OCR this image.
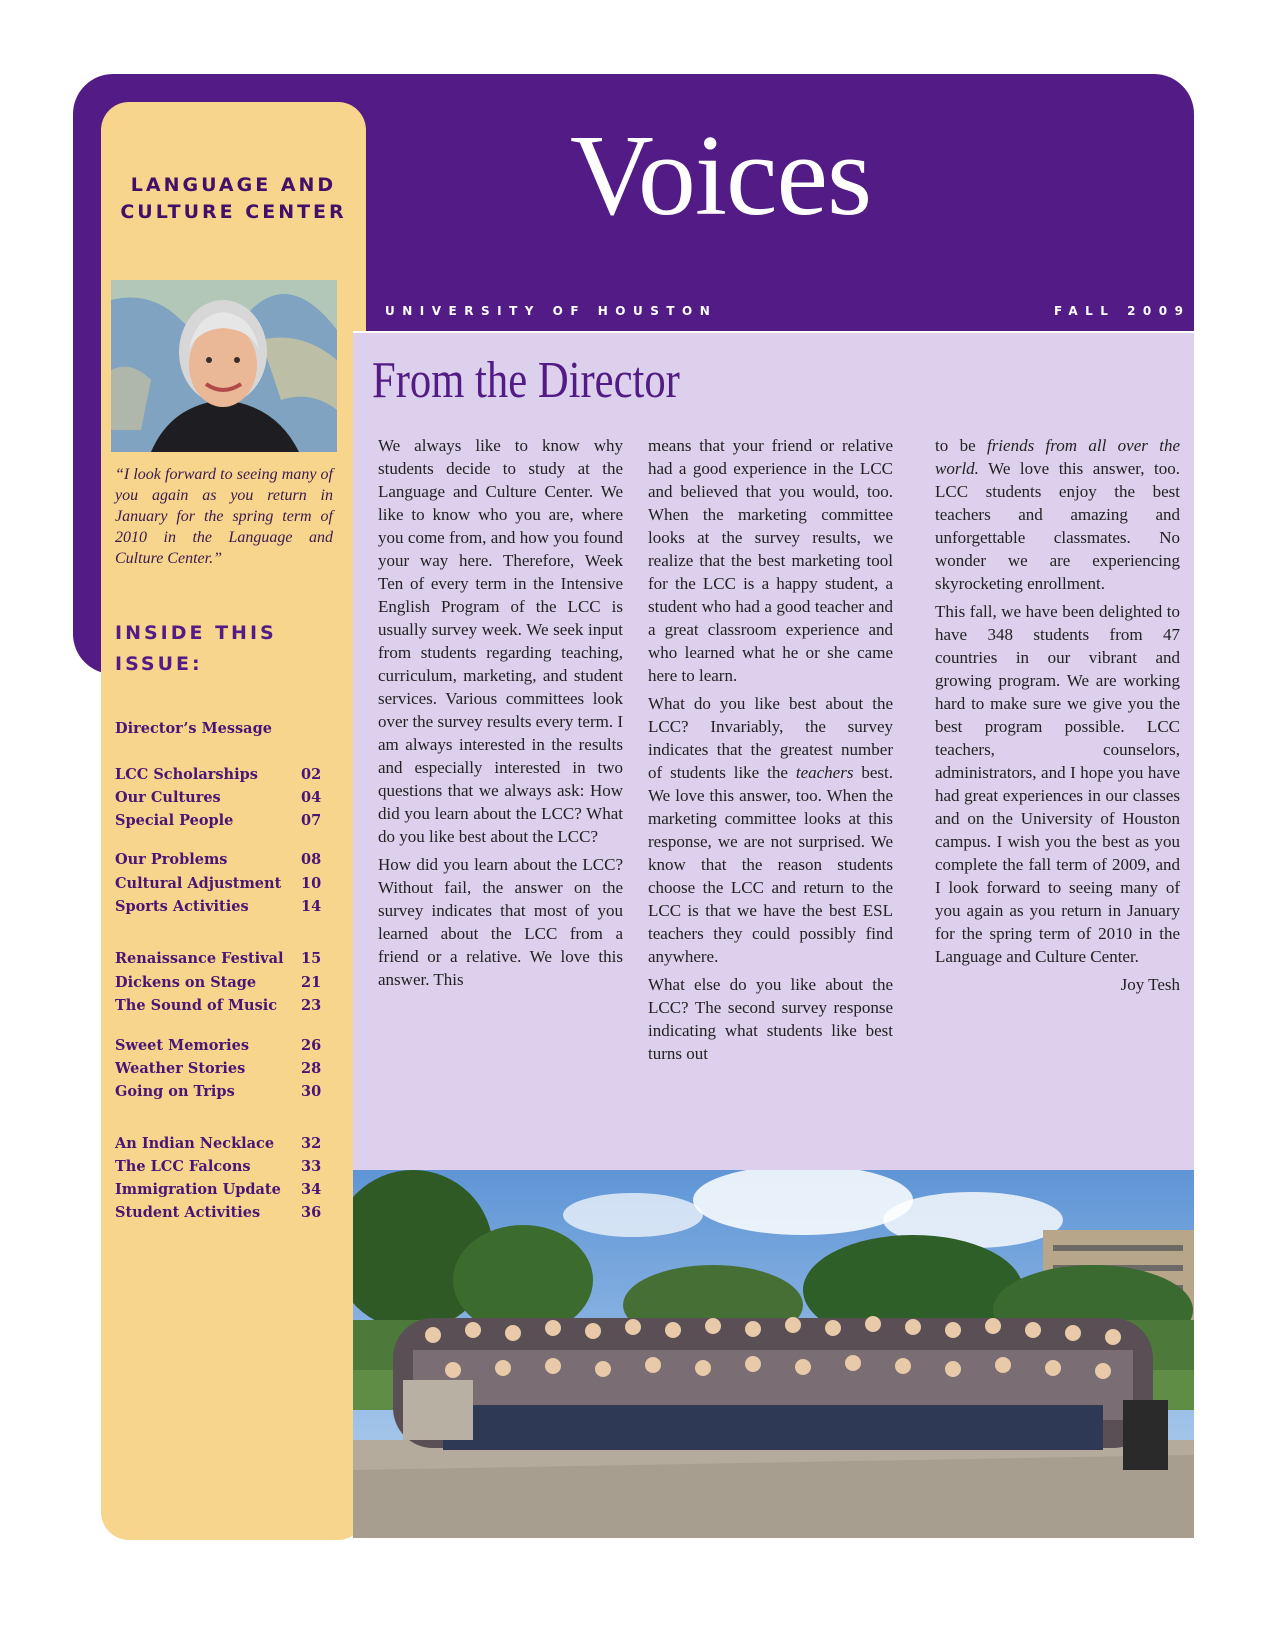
LANGUAGE AND
CULTURE CENTER
“I look forward to seeing many of you again as you return in January for the spring term of 2010 in the Language and Culture Center.”
INSIDE THIS ISSUE:
Director’s Message
LCC Scholarships	02
Our Cultures	04
Special People	07
Our Problems	08
Cultural Adjustment 10
Sports Activities	14
Renaissance Festival 15
Dickens on Stage	21
The Sound of Music 23
Sweet Memories	26
Weather Stories	28
Going on Trips	30
An Indian Necklace 32
The LCC Falcons	33
Immigration Update 34
Student Activities	36
Voices
UNIVERSITY OF HOUSTON	FALL 2009
From the Director

We always like to know why students decide to study at the Language and Culture Center. We like to know who you are, where you come from, and how you found your way here. Therefore, Week Ten of every term in the Intensive English Program of the LCC is usually survey week. We seek input from students regarding teaching, curriculum, marketing, and student services. Various committees look over the survey results every term. I am always interested in the results and especially interested in two questions that we always ask: How did you learn about the LCC? What do you like best about the LCC?

How did you learn about the LCC? Without fail, the answer on the survey indicates that most of you learned about the LCC from a friend or a relative. We love this answer. This

means that your friend or relative had a good experience in the LCC and believed that you would, too. When the marketing committee looks at the survey results, we realize that the best marketing tool for the LCC is a happy student, a student who had a good teacher and a great classroom experience and who learned what he or she came here to learn.

What do you like best about the LCC? Invariably, the survey indicates that the greatest number of students like the teachers best. We love this answer, too. When the marketing committee looks at this response, we are not surprised. We know that the reason students choose the LCC and return to the LCC is that we have the best ESL teachers they could possibly find anywhere.

What else do you like about the LCC? The second survey response indicating what students like best turns out

to be friends from all over the world. We love this answer, too. LCC students enjoy the best teachers and amazing and unforgettable classmates. No wonder we are experiencing skyrocketing enrollment.

This fall, we have been delighted to have 348 students from 47 countries in our vibrant and growing program. We are working hard to make sure we give you the best program possible. LCC teachers, counselors, administrators, and I hope you have had great experiences in our classes and on the University of Houston campus. I wish you the best as you complete the fall term of 2009, and I look forward to seeing many of you again as you return in January for the spring term of 2010 in the Language and Culture Center.

Joy Tesh
